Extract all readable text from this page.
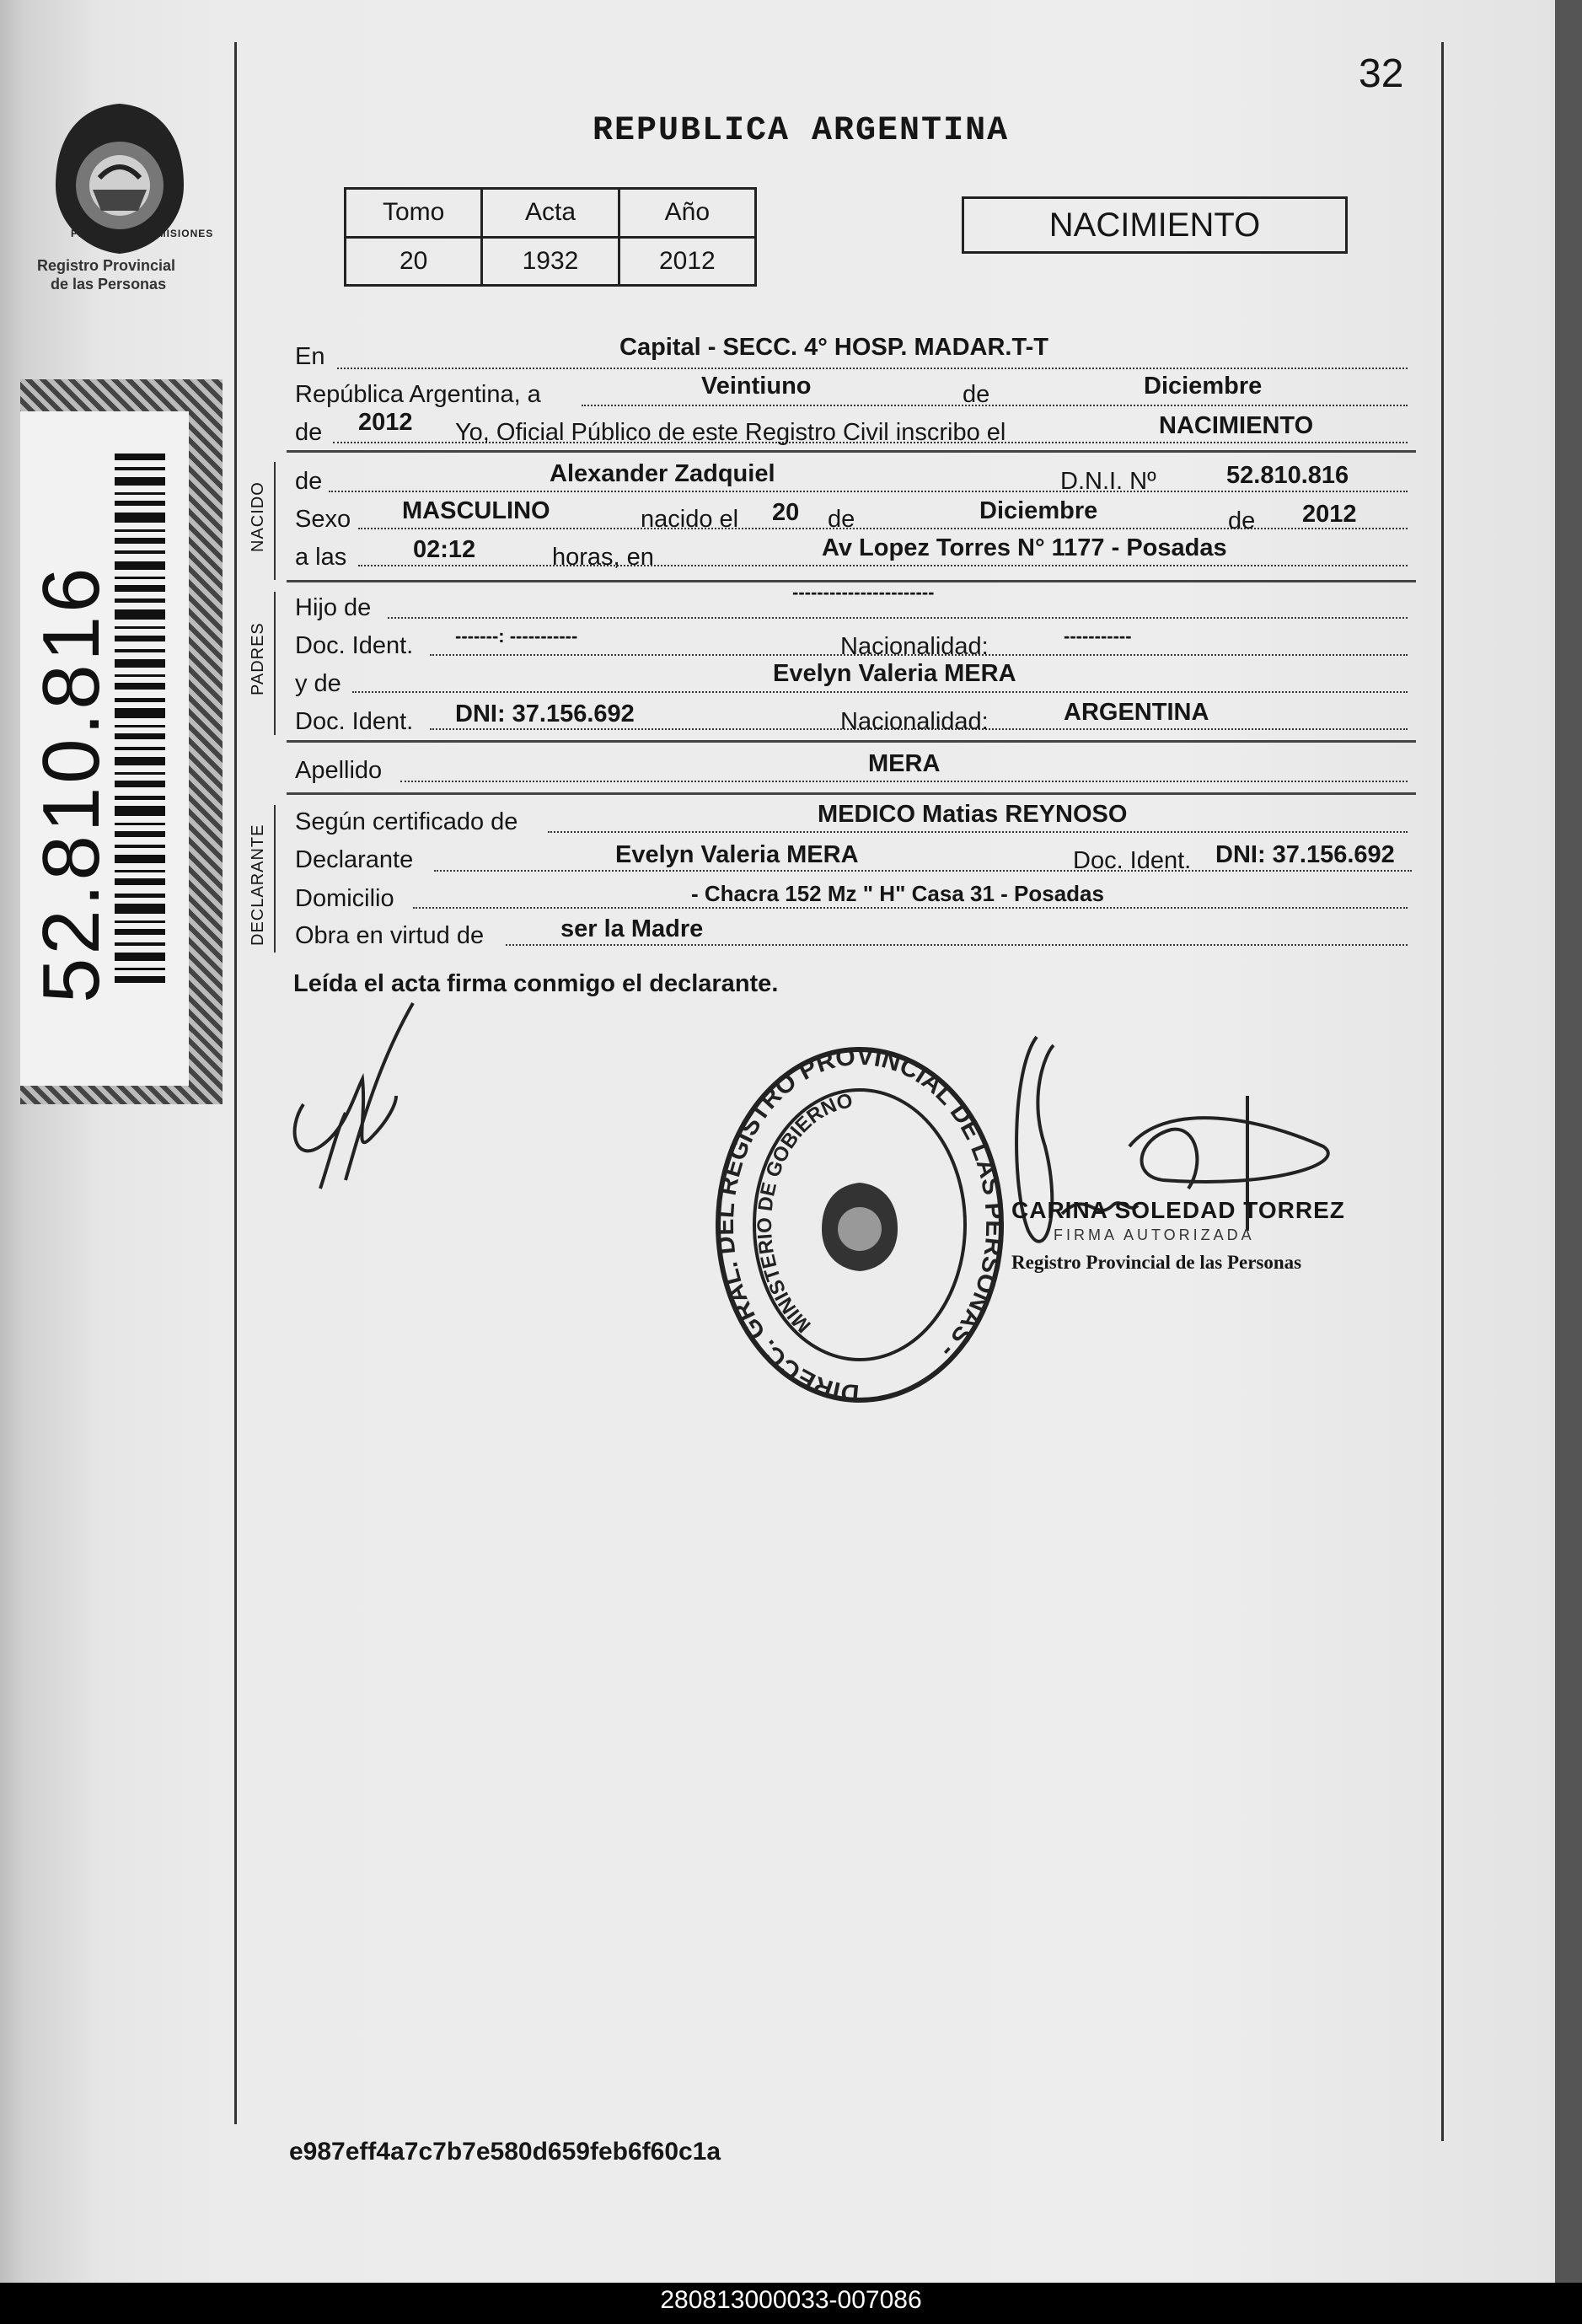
32
REPUBLICA ARGENTINA
PROVINCIA DE MISIONES
Registro Provincial
de las Personas
52.810.816
Tomo	Acta	Año
20	1932	2012
NACIMIENTO
En	Capital - SECC. 4° HOSP. MADAR.T-T
República Argentina, a	Veintiuno	de	Diciembre
de 2012 Yo, Oficial Público de este Registro Civil inscribo el	NACIMIENTO
NACIDO
de	Alexander Zadquiel	D.N.I. Nº	52.810.816
Sexo MASCULINO	nacido el 20 de	Diciembre	de 2012
a las	02:12	horas, en	Av Lopez Torres N° 1177 - Posadas
PADRES
Hijo de
-----------------------
Doc. Ident. -------: -----------	Nacionalidad:	-----------
y de	Evelyn Valeria MERA
Doc. Ident. DNI: 37.156.692	Nacionalidad:	ARGENTINA
Apellido	MERA
DECLARANTE
Según certificado de	MEDICO Matias REYNOSO
Declarante	Evelyn Valeria MERA	Doc. Ident. DNI: 37.156.692
Domicilio	- Chacra 152 Mz " H" Casa 31 - Posadas
Obra en virtud de	ser la Madre
Leída el acta firma conmigo el declarante.
DIRECC. GRAL. DEL REGISTRO PROVINCIAL DE LAS PERSONAS -
MINISTERIO DE GOBIERNO
CARINA SOLEDAD TORREZ
FIRMA AUTORIZADA
Registro Provincial de las Personas
e987eff4a7c7b7e580d659feb6f60c1a
280813000033-007086
